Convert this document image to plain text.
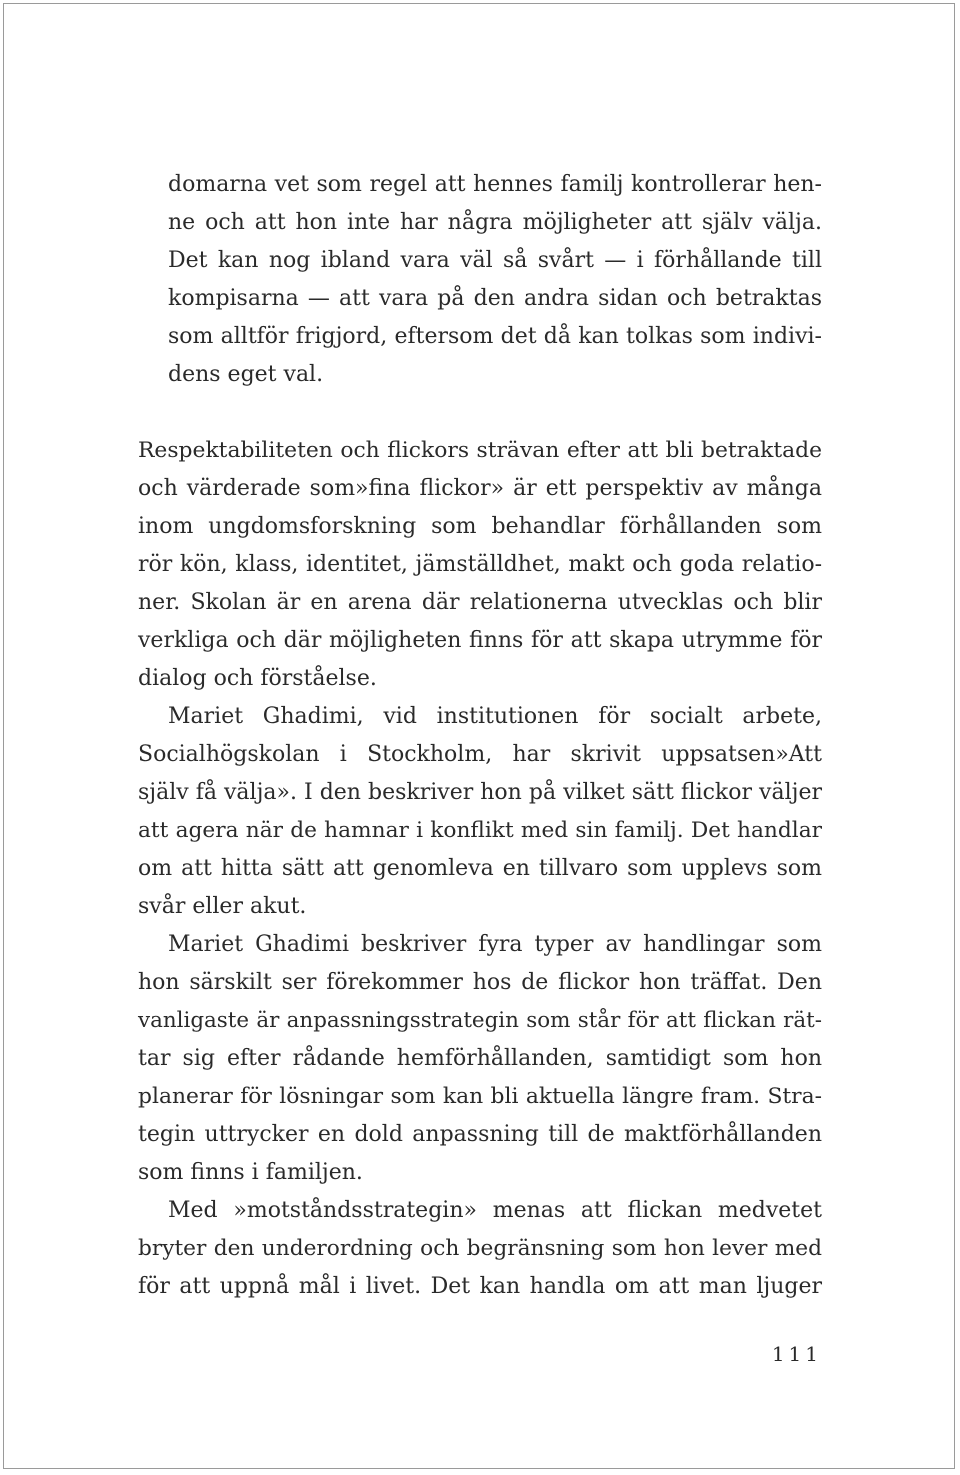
domarna vet som regel att hennes familj kontrollerar hen-
ne och att hon inte har några möjligheter att själv välja.
Det kan nog ibland vara väl så svårt — i förhållande till
kompisarna — att vara på den andra sidan och betraktas
som alltför frigjord, eftersom det då kan tolkas som indivi-
dens eget val.
Respektabiliteten och flickors strävan efter att bli betraktade
och värderade som»fina flickor» är ett perspektiv av många
inom ungdomsforskning som behandlar förhållanden som
rör kön, klass, identitet, jämställdhet, makt och goda relatio-
ner. Skolan är en arena där relationerna utvecklas och blir
verkliga och där möjligheten finns för att skapa utrymme för
dialog och förståelse.
Mariet Ghadimi, vid institutionen för socialt arbete,
Socialhögskolan i Stockholm, har skrivit uppsatsen»Att
själv få välja». I den beskriver hon på vilket sätt flickor väljer
att agera när de hamnar i konflikt med sin familj. Det handlar
om att hitta sätt att genomleva en tillvaro som upplevs som
svår eller akut.
Mariet Ghadimi beskriver fyra typer av handlingar som
hon särskilt ser förekommer hos de flickor hon träffat. Den
vanligaste är anpassningsstrategin som står för att flickan rät-
tar sig efter rådande hemförhållanden, samtidigt som hon
planerar för lösningar som kan bli aktuella längre fram. Stra-
tegin uttrycker en dold anpassning till de maktförhållanden
som finns i familjen.
Med »motståndsstrategin» menas att flickan medvetet
bryter den underordning och begränsning som hon lever med
för att uppnå mål i livet. Det kan handla om att man ljuger
111
